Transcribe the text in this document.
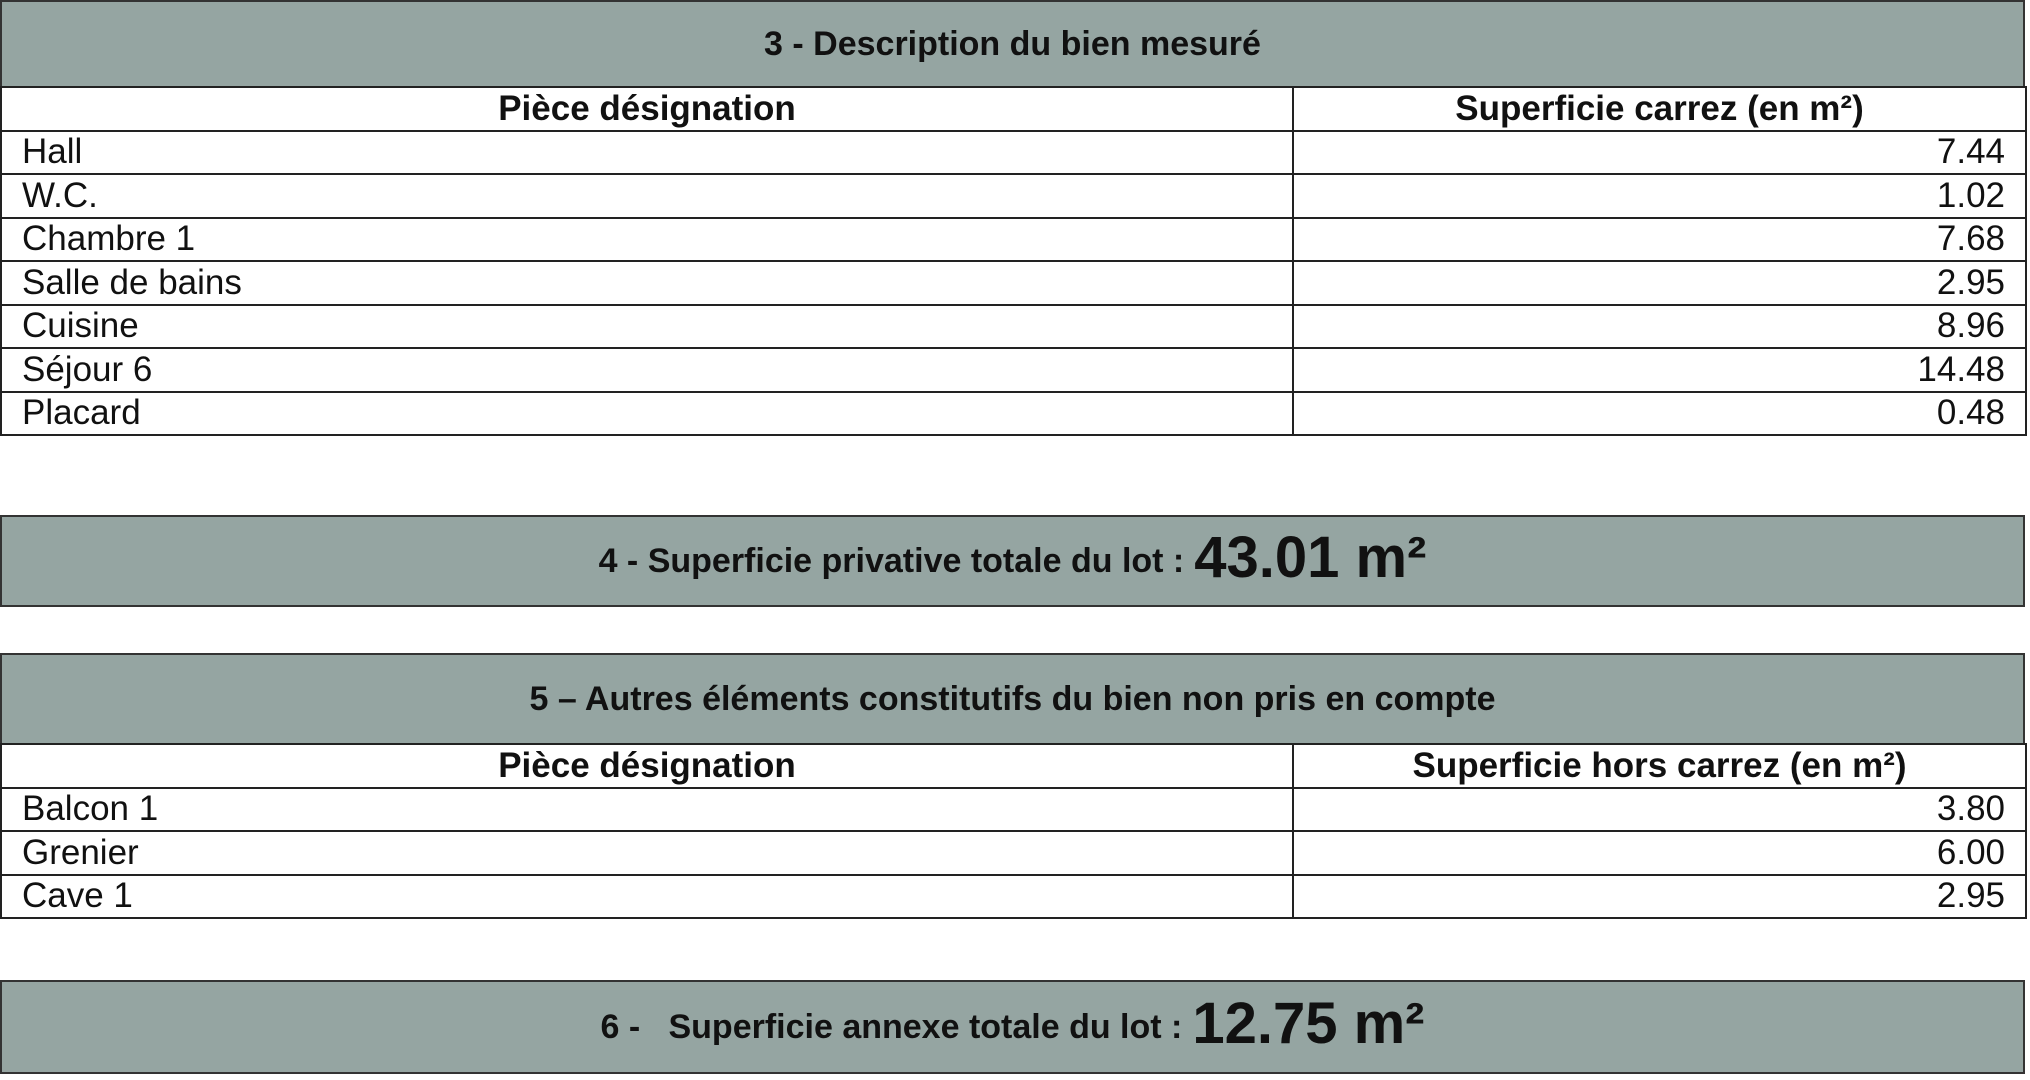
3 - Description du bien mesuré
Pièce désignation	Superficie carrez (en m²)
Hall	7.44
W.C.	1.02
Chambre 1	7.68
Salle de bains	2.95
Cuisine	8.96
Séjour 6	14.48
Placard	0.48
4 - Superficie privative totale du lot : 43.01 m²
5 – Autres éléments constitutifs du bien non pris en compte
Pièce désignation	Superficie hors carrez (en m²)
Balcon 1	3.80
Grenier	6.00
Cave 1	2.95
6 -   Superficie annexe totale du lot : 12.75 m²
